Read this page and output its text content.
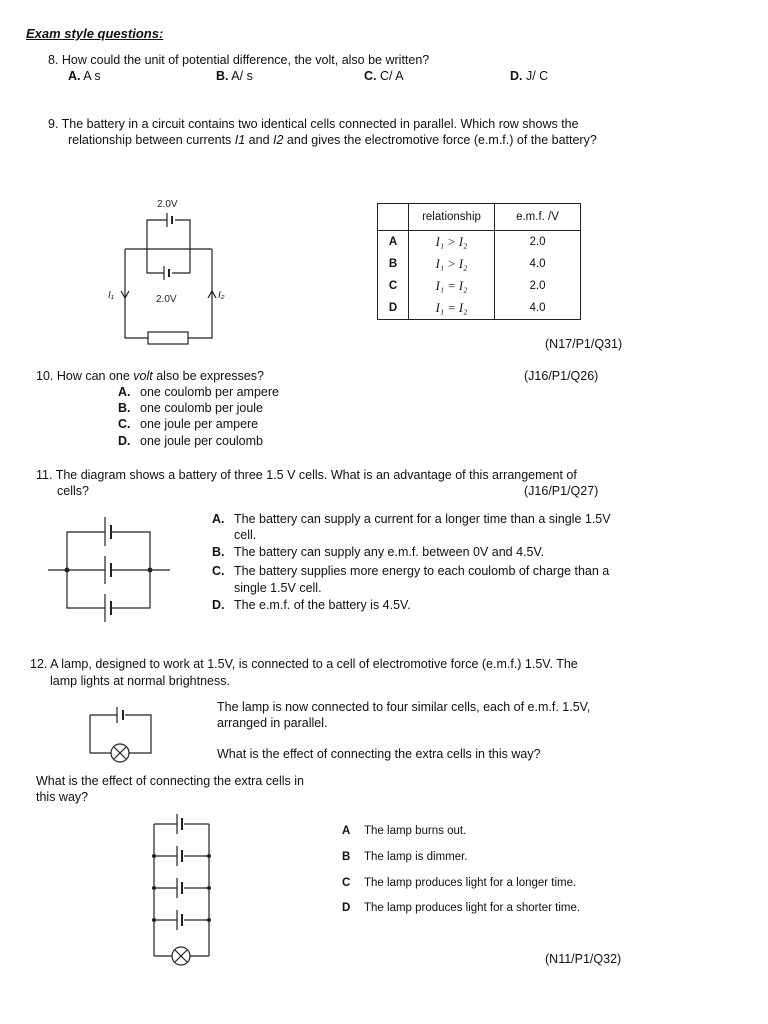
Exam style questions:
8. How could the unit of potential difference, the volt, also be written?
A. A s	B. A/ s	C. C/ A	D. J/ C
9. The battery in a circuit contains two identical cells connected in parallel. Which row shows the
relationship between currents I1 and I2 and gives the electromotive force (e.m.f.) of the battery?
2.0V
2.0V
I₁	I₂
	relationship	e.m.f. /V
A	I₁ > I₂	2.0
B	I₁ > I₂	4.0
C	I₁ = I₂	2.0
D	I₁ = I₂	4.0
(N17/P1/Q31)
10. How can one volt also be expresses?	(J16/P1/Q26)
A. one coulomb per ampere
B. one coulomb per joule
C. one joule per ampere
D. one joule per coulomb
11. The diagram shows a battery of three 1.5 V cells. What is an advantage of this arrangement of
cells?	(J16/P1/Q27)
A. The battery can supply a current for a longer time than a single 1.5V
cell.
B. The battery can supply any e.m.f. between 0V and 4.5V.
C. The battery supplies more energy to each coulomb of charge than a
single 1.5V cell.
D. The e.m.f. of the battery is 4.5V.
12. A lamp, designed to work at 1.5V, is connected to a cell of electromotive force (e.m.f.) 1.5V. The
lamp lights at normal brightness.
The lamp is now connected to four similar cells, each of e.m.f. 1.5V,
arranged in parallel.
What is the effect of connecting the extra cells in this way?
What is the effect of connecting the extra cells in
this way?
A The lamp burns out.
B The lamp is dimmer.
C The lamp produces light for a longer time.
D The lamp produces light for a shorter time.
(N11/P1/Q32)
